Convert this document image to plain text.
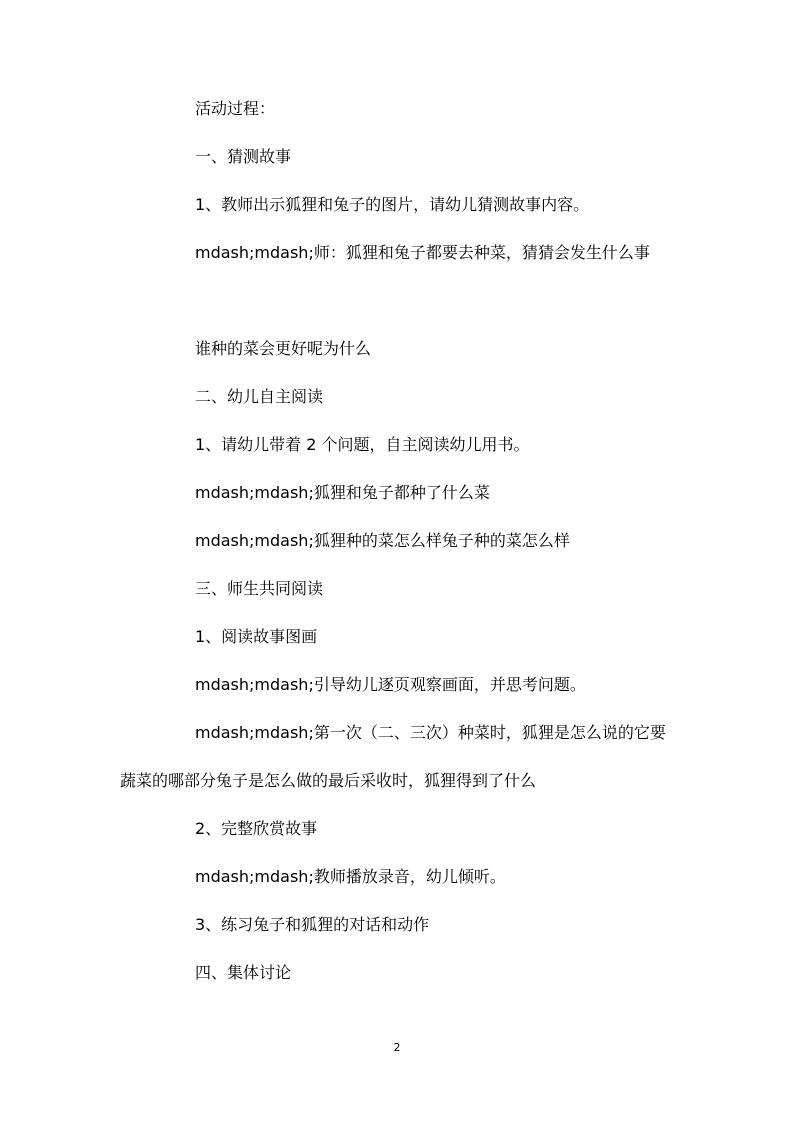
活动过程：

一、猜测故事

1、教师出示狐狸和兔子的图片，请幼儿猜测故事内容。

mdash;mdash;师：狐狸和兔子都要去种菜，猜猜会发生什么事

谁种的菜会更好呢为什么

二、幼儿自主阅读

1、请幼儿带着 2 个问题，自主阅读幼儿用书。

mdash;mdash;狐狸和兔子都种了什么菜

mdash;mdash;狐狸种的菜怎么样兔子种的菜怎么样

三、师生共同阅读

1、阅读故事图画

mdash;mdash;引导幼儿逐页观察画面，并思考问题。

mdash;mdash;第一次（二、三次）种菜时，狐狸是怎么说的它要蔬菜的哪部分兔子是怎么做的最后采收时，狐狸得到了什么

2、完整欣赏故事

mdash;mdash;教师播放录音，幼儿倾听。

3、练习兔子和狐狸的对话和动作

四、集体讨论

2
